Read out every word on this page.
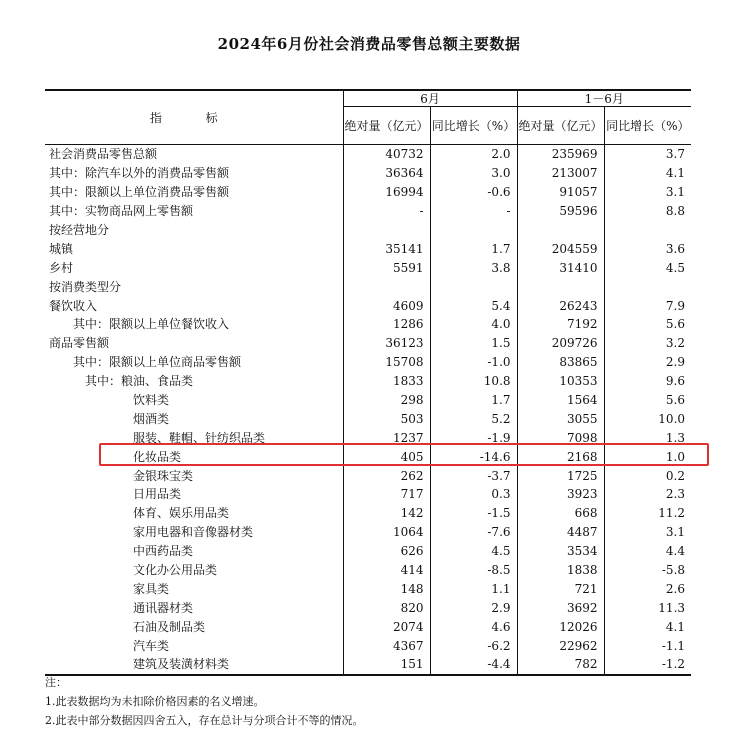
2024年6月份社会消费品零售总额主要数据
指 标	6月		1－6月	
	绝对量（亿元）	同比增长（%）	绝对量（亿元）	同比增长（%）
社会消费品零售总额	40732	2.0	235969	3.7
其中：除汽车以外的消费品零售额	36364	3.0	213007	4.1
其中：限额以上单位消费品零售额	16994	-0.6	91057	3.1
其中：实物商品网上零售额	-	-	59596	8.8
按经营地分				
城镇	35141	1.7	204559	3.6
乡村	5591	3.8	31410	4.5
按消费类型分				
餐饮收入	4609	5.4	26243	7.9
其中：限额以上单位餐饮收入	1286	4.0	7192	5.6
商品零售额	36123	1.5	209726	3.2
其中：限额以上单位商品零售额	15708	-1.0	83865	2.9
其中：粮油、食品类	1833	10.8	10353	9.6
饮料类	298	1.7	1564	5.6
烟酒类	503	5.2	3055	10.0
服装、鞋帽、针纺织品类	1237	-1.9	7098	1.3
化妆品类	405	-14.6	2168	1.0
金银珠宝类	262	-3.7	1725	0.2
日用品类	717	0.3	3923	2.3
体育、娱乐用品类	142	-1.5	668	11.2
家用电器和音像器材类	1064	-7.6	4487	3.1
中西药品类	626	4.5	3534	4.4
文化办公用品类	414	-8.5	1838	-5.8
家具类	148	1.1	721	2.6
通讯器材类	820	2.9	3692	11.3
石油及制品类	2074	4.6	12026	4.1
汽车类	4367	-6.2	22962	-1.1
建筑及装潢材料类	151	-4.4	782	-1.2
注：
1.此表数据均为未扣除价格因素的名义增速。
2.此表中部分数据因四舍五入，存在总计与分项合计不等的情况。
